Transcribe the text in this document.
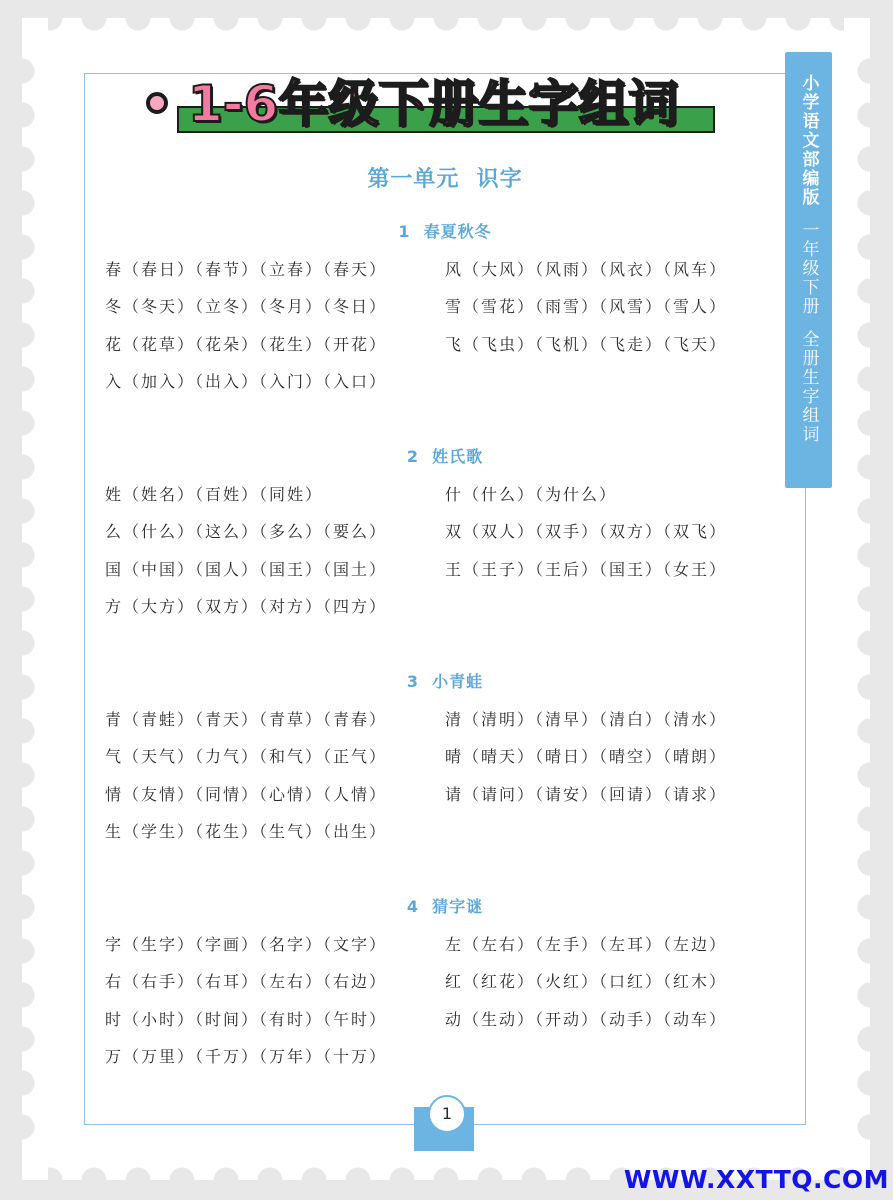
1-6年级下册生字组词	小学语文部编版
一年级下册
全册生字组词
第一单元  识字
1  春夏秋冬
春（春日）（春节）（立春）（春天）
冬（冬天）（立冬）（冬月）（冬日）
花（花草）（花朵）（花生）（开花）
入（加入）（出入）（入门）（入口）
风（大风）（风雨）（风衣）（风车）
雪（雪花）（雨雪）（风雪）（雪人）
飞（飞虫）（飞机）（飞走）（飞天）
2  姓氏歌
姓（姓名）（百姓）（同姓）
么（什么）（这么）（多么）（要么）
国（中国）（国人）（国王）（国土）
方（大方）（双方）（对方）（四方）
什（什么）（为什么）
双（双人）（双手）（双方）（双飞）
王（王子）（王后）（国王）（女王）
3  小青蛙
青（青蛙）（青天）（青草）（青春）
气（天气）（力气）（和气）（正气）
情（友情）（同情）（心情）（人情）
生（学生）（花生）（生气）（出生）
清（清明）（清早）（清白）（清水）
晴（晴天）（晴日）（晴空）（晴朗）
请（请问）（请安）（回请）（请求）
4  猜字谜
字（生字）（字画）（名字）（文字）
右（右手）（右耳）（左右）（右边）
时（小时）（时间）（有时）（午时）
万（万里）（千万）（万年）（十万）
左（左右）（左手）（左耳）（左边）
红（红花）（火红）（口红）（红木）
动（生动）（开动）（动手）（动车）
1
WWW.XXTTQ.COM
